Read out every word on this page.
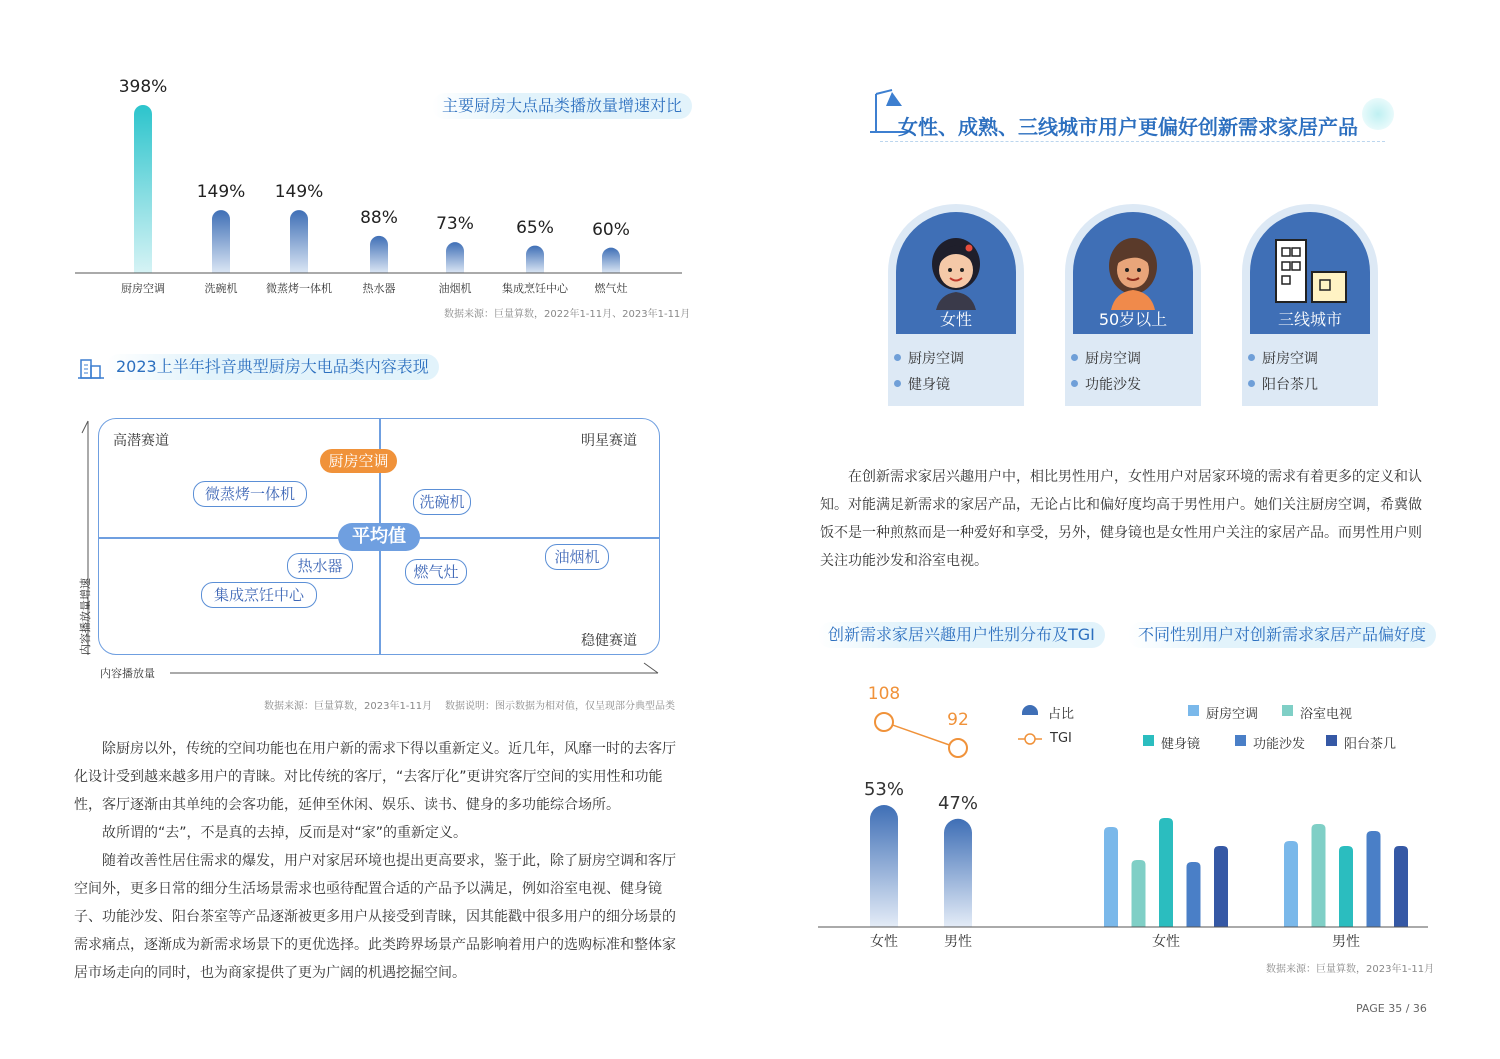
主要厨房大点品类播放量增速对比
398%
厨房空调
149%
洗碗机
149%
微蒸烤一体机
88%
热水器
73%
油烟机
65%
集成烹饪中心
60%
燃气灶
数据来源：巨量算数，2022年1-11月、2023年1-11月
2023上半年抖音典型厨房大电品类内容表现
内容播放量增速
内容播放量
高潜赛道	明星赛道
稳健赛道
厨房空调
平均值
微蒸烤一体机	洗碗机
热水器	燃气灶
油烟机
集成烹饪中心
数据来源：巨量算数，2023年1-11月 数据说明：图示数据为相对值，仅呈现部分典型品类
除厨房以外，传统的空间功能也在用户新的需求下得以重新定义。近几年，风靡一时的去客厅
化设计受到越来越多用户的青睐。对比传统的客厅，“去客厅化”更讲究客厅空间的实用性和功能
性，客厅逐渐由其单纯的会客功能，延伸至休闲、娱乐、读书、健身的多功能综合场所。
故所谓的“去”，不是真的去掉，反而是对“家”的重新定义。
随着改善性居住需求的爆发，用户对家居环境也提出更高要求，鉴于此，除了厨房空调和客厅
空间外，更多日常的细分生活场景需求也亟待配置合适的产品予以满足，例如浴室电视、健身镜
子、功能沙发、阳台茶室等产品逐渐被更多用户从接受到青睐，因其能戳中很多用户的细分场景的
需求痛点，逐渐成为新需求场景下的更优选择。此类跨界场景产品影响着用户的选购标准和整体家
居市场走向的同时，也为商家提供了更为广阔的机遇挖掘空间。
女性、成熟、三线城市用户更偏好创新需求家居产品
女性
厨房空调
健身镜
50岁以上
厨房空调
功能沙发
三线城市
厨房空调
阳台茶几
在创新需求家居兴趣用户中，相比男性用户，女性用户对居家环境的需求有着更多的定义和认
知。对能满足新需求的家居产品，无论占比和偏好度均高于男性用户。她们关注厨房空调，希冀做
饭不是一种煎熬而是一种爱好和享受，另外，健身镜也是女性用户关注的家居产品。而男性用户则
关注功能沙发和浴室电视。
创新需求家居兴趣用户性别分布及TGI	不同性别用户对创新需求家居产品偏好度
占比
TGI
厨房空调	浴室电视
健身镜	功能沙发	阳台茶几
53%
女性
47%
男性
108
92
女性	男性
数据来源：巨量算数，2023年1-11月
PAGE 35 / 36
